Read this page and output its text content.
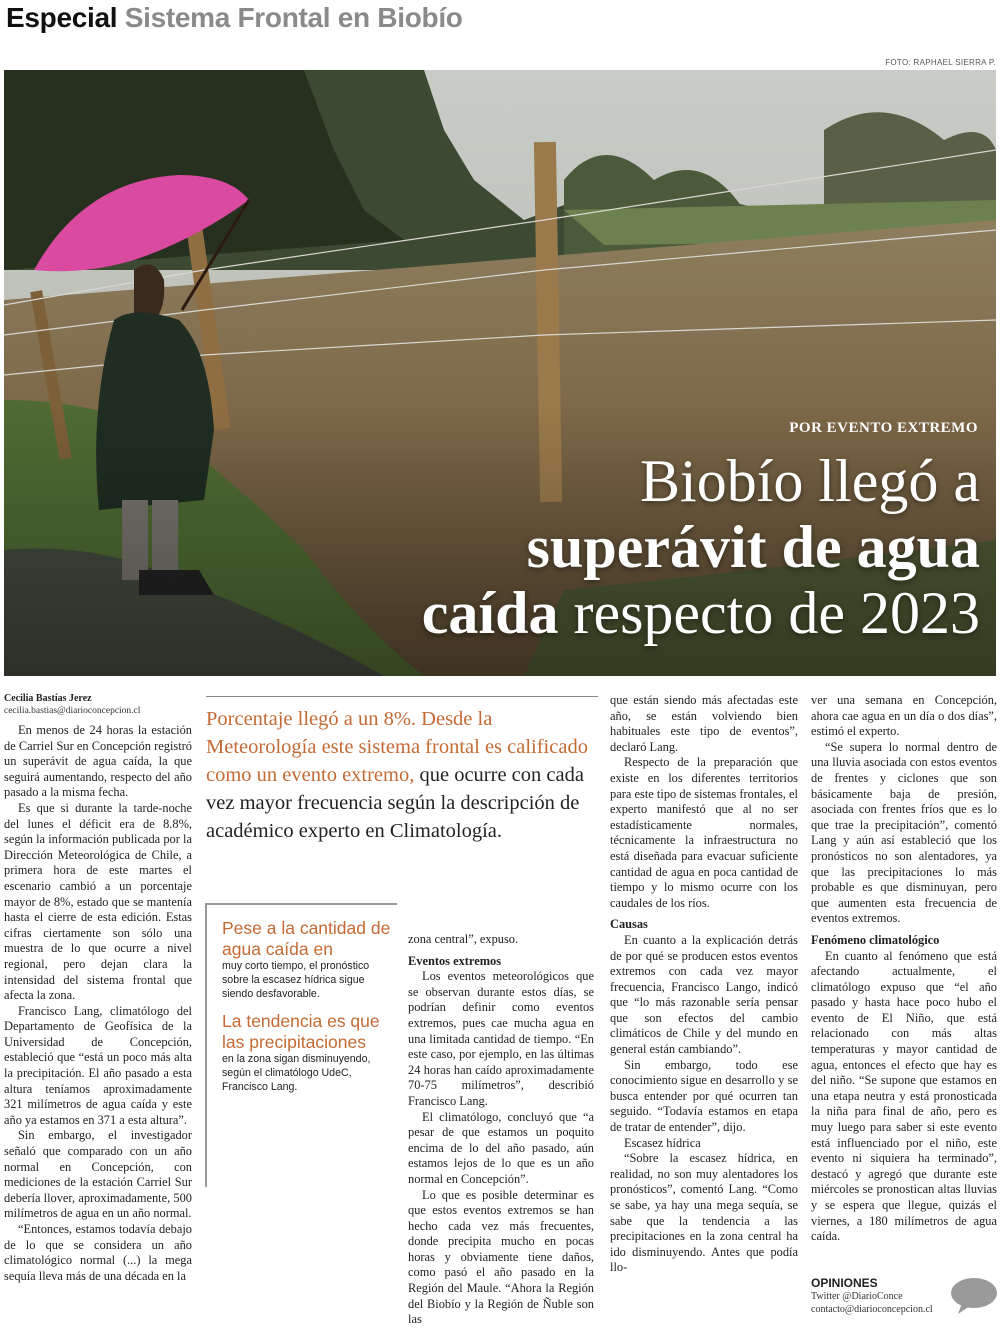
Especial Sistema Frontal en Biobío
FOTO: RAPHAEL SIERRA P.
POR EVENTO EXTREMO
Biobío llegó a
superávit de agua
caída respecto de 2023
Cecilia Bastías Jerez
cecilia.bastias@diarioconcepcion.cl

En menos de 24 horas la estación de Carriel Sur en Concepción registró un superávit de agua caída, la que seguirá aumentando, respecto del año pasado a la misma fecha.

Es que si durante la tarde-noche del lunes el déficit era de 8.8%, según la información publicada por la Dirección Meteorológica de Chile, a primera hora de este martes el escenario cambió a un porcentaje mayor de 8%, estado que se mantenía hasta el cierre de esta edición. Estas cifras ciertamente son sólo una muestra de lo que ocurre a nivel regional, pero dejan clara la intensidad del sistema frontal que afecta la zona.

Francisco Lang, climatólogo del Departamento de Geofísica de la Universidad de Concepción, estableció que “está un poco más alta la precipitación. El año pasado a esta altura teníamos aproximadamente 321 milímetros de agua caída y este año ya estamos en 371 a esta altura”.

Sin embargo, el investigador señaló que comparado con un año normal en Concepción, con mediciones de la estación Carriel Sur debería llover, aproximadamente, 500 milímetros de agua en un año normal.

“Entonces, estamos todavía debajo de lo que se considera un año climatológico normal (...) la mega sequía lleva más de una década en la

Porcentaje llegó a un 8%. Desde la Meteorología este sistema frontal es calificado como un evento extremo, que ocurre con cada vez mayor frecuencia según la descripción de académico experto en Climatología.
Pese a la cantidad de agua caída en
muy corto tiempo, el pronóstico sobre la escasez hídrica sigue siendo desfavorable.
La tendencia es que las precipitaciones
en la zona sigan disminuyendo, según el climatólogo UdeC, Francisco Lang.
zona central”, expuso.
Eventos extremos

Los eventos meteorológicos que se observan durante estos días, se podrían definir como eventos extremos, pues cae mucha agua en una limitada cantidad de tiempo. “En este caso, por ejemplo, en las últimas 24 horas han caído aproximadamente 70-75 milímetros”, describió Francisco Lang.

El climatólogo, concluyó que “a pesar de que estamos un poquito encima de lo del año pasado, aún estamos lejos de lo que es un año normal en Concepción”.

Lo que es posible determinar es que estos eventos extremos se han hecho cada vez más frecuentes, donde precipita mucho en pocas horas y obviamente tiene daños, como pasó el año pasado en la Región del Maule. “Ahora la Región del Biobío y la Región de Ñuble son las

que están siendo más afectadas este año, se están volviendo bien habituales este tipo de eventos”, declaró Lang.

Respecto de la preparación que existe en los diferentes territorios para este tipo de sistemas frontales, el experto manifestó que al no ser estadísticamente normales, técnicamente la infraestructura no está diseñada para evacuar suficiente cantidad de agua en poca cantidad de tiempo y lo mismo ocurre con los caudales de los ríos.

Causas

En cuanto a la explicación detrás de por qué se producen estos eventos extremos con cada vez mayor frecuencia, Francisco Lango, indicó que “lo más razonable sería pensar que son efectos del cambio climáticos de Chile y del mundo en general están cambiando”.

Sin embargo, todo ese conocimiento sigue en desarrollo y se busca entender por qué ocurren tan seguido. “Todavía estamos en etapa de tratar de entender”, dijo.

Escasez hídrica

“Sobre la escasez hídrica, en realidad, no son muy alentadores los pronósticos”, comentó Lang. “Como se sabe, ya hay una mega sequía, se sabe que la tendencia a las precipitaciones en la zona central ha ido disminuyendo. Antes que podía llo-

ver una semana en Concepción, ahora cae agua en un día o dos días”, estimó el experto.

“Se supera lo normal dentro de una lluvia asociada con estos eventos de frentes y ciclones que son básicamente baja de presión, asociada con frentes fríos que es lo que trae la precipitación”, comentó Lang y aún así estableció que los pronósticos no son alentadores, ya que las precipitaciones lo más probable es que disminuyan, pero que aumenten esta frecuencia de eventos extremos.

Fenómeno climatológico

En cuanto al fenómeno que está afectando actualmente, el climatólogo expuso que “el año pasado y hasta hace poco hubo el evento de El Niño, que está relacionado con más altas temperaturas y mayor cantidad de agua, entonces el efecto que hay es del niño. “Se supone que estamos en una etapa neutra y está pronosticada la niña para final de año, pero es muy luego para saber si este evento está influenciado por el niño, este evento ni siquiera ha terminado”, destacó y agregó que durante este miércoles se pronostican altas lluvias y se espera que llegue, quizás el viernes, a 180 milímetros de agua caída.

OPINIONES
Twitter @DiarioConce
contacto@diarioconcepcion.cl
